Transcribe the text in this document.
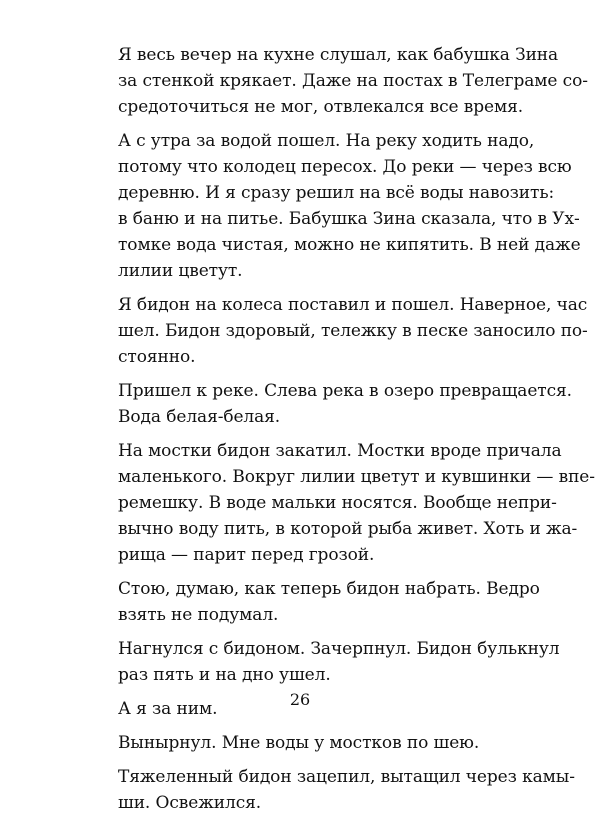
Я весь вечер на кухне слушал, как бабушка Зина
за стенкой крякает. Даже на постах в Телеграме со-
средоточиться не мог, отвлекался все время.

А с утра за водой пошел. На реку ходить надо,
потому что колодец пересох. До реки — через всю
деревню. И я сразу решил на всё воды навозить:
в баню и на питье. Бабушка Зина сказала, что в Ух-
томке вода чистая, можно не кипятить. В ней даже
лилии цветут.

Я бидон на колеса поставил и пошел. Наверное, час
шел. Бидон здоровый, тележку в песке заносило по-
стоянно.

Пришел к реке. Слева река в озеро превращается.
Вода белая-белая.

На мостки бидон закатил. Мостки вроде причала
маленького. Вокруг лилии цветут и кувшинки — впе-
ремешку. В воде мальки носятся. Вообще непри-
вычно воду пить, в которой рыба живет. Хоть и жа-
рища — парит перед грозой.

Стою, думаю, как теперь бидон набрать. Ведро
взять не подумал.

Нагнулся с бидоном. Зачерпнул. Бидон булькнул
раз пять и на дно ушел.

А я за ним.

Вынырнул. Мне воды у мостков по шею.

Тяжеленный бидон зацепил, вытащил через камы-
ши. Освежился.

26
